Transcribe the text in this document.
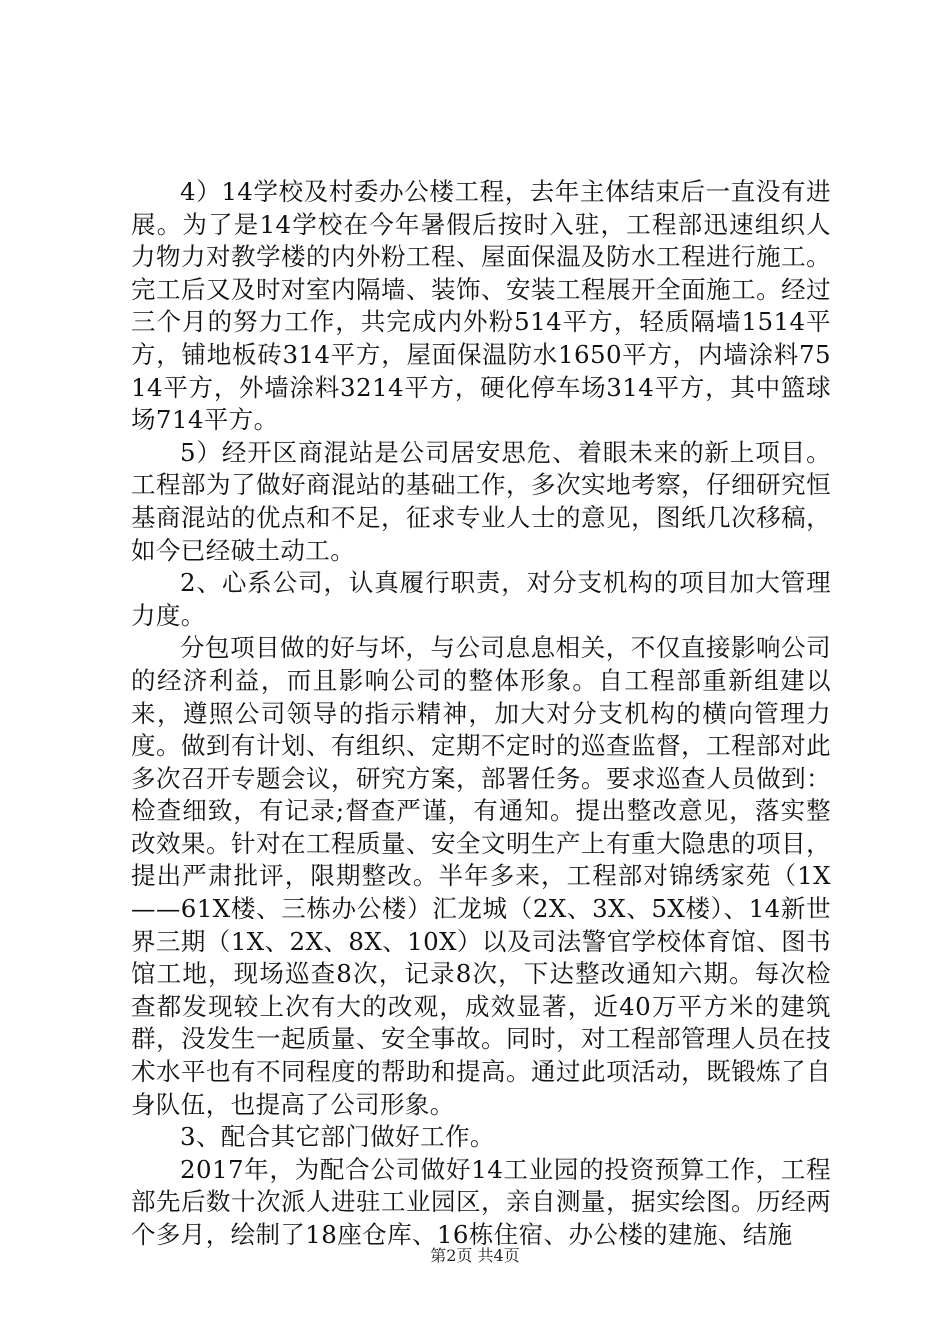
4）14学校及村委办公楼工程，去年主体结束后一直没有进展。为了是14学校在今年暑假后按时入驻，工程部迅速组织人力物力对教学楼的内外粉工程、屋面保温及防水工程进行施工。完工后又及时对室内隔墙、装饰、安装工程展开全面施工。经过三个月的努力工作，共完成内外粉514平方，轻质隔墙1514平方，铺地板砖314平方，屋面保温防水1650平方，内墙涂料7514平方，外墙涂料3214平方，硬化停车场314平方，其中篮球场714平方。

5）经开区商混站是公司居安思危、着眼未来的新上项目。工程部为了做好商混站的基础工作，多次实地考察，仔细研究恒基商混站的优点和不足，征求专业人士的意见，图纸几次移稿，如今已经破土动工。

2、心系公司，认真履行职责，对分支机构的项目加大管理力度。

分包项目做的好与坏，与公司息息相关，不仅直接影响公司的经济利益，而且影响公司的整体形象。自工程部重新组建以来，遵照公司领导的指示精神，加大对分支机构的横向管理力度。做到有计划、有组织、定期不定时的巡查监督，工程部对此多次召开专题会议，研究方案，部署任务。要求巡查人员做到：检查细致，有记录;督查严谨，有通知。提出整改意见，落实整改效果。针对在工程质量、安全文明生产上有重大隐患的项目，提出严肃批评，限期整改。半年多来，工程部对锦绣家苑（1X——61X楼、三栋办公楼）汇龙城（2X、3X、5X楼）、14新世界三期（1X、2X、8X、10X）以及司法警官学校体育馆、图书馆工地，现场巡查8次，记录8次，下达整改通知六期。每次检查都发现较上次有大的改观，成效显著，近40万平方米的建筑群，没发生一起质量、安全事故。同时，对工程部管理人员在技术水平也有不同程度的帮助和提高。通过此项活动，既锻炼了自身队伍，也提高了公司形象。

3、配合其它部门做好工作。

2017年，为配合公司做好14工业园的投资预算工作，工程部先后数十次派人进驻工业园区，亲自测量，据实绘图。历经两个多月，绘制了18座仓库、16栋住宿、办公楼的建施、结施

第2页 共4页
